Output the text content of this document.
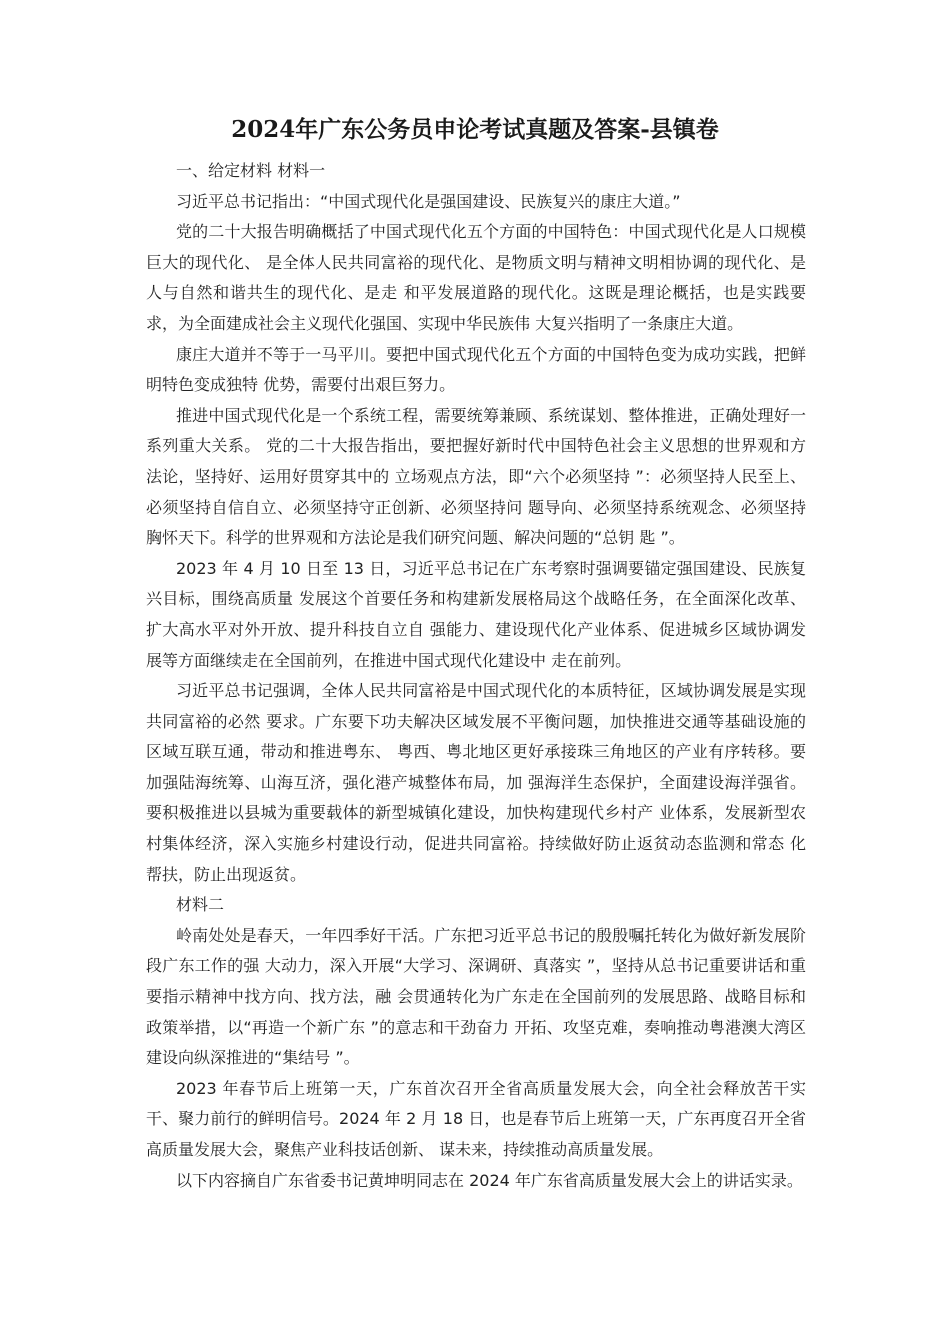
2024年广东公务员申论考试真题及答案-县镇卷

一、给定材料 材料一

习近平总书记指出：“中国式现代化是强国建设、民族复兴的康庄大道。”

党的二十大报告明确概括了中国式现代化五个方面的中国特色：中国式现代化是人口规模巨大的现代化、 是全体人民共同富裕的现代化、是物质文明与精神文明相协调的现代化、是人与自然和谐共生的现代化、是走 和平发展道路的现代化。这既是理论概括，也是实践要求，为全面建成社会主义现代化强国、实现中华民族伟 大复兴指明了一条康庄大道。

康庄大道并不等于一马平川。要把中国式现代化五个方面的中国特色变为成功实践，把鲜明特色变成独特 优势，需要付出艰巨努力。

推进中国式现代化是一个系统工程，需要统筹兼顾、系统谋划、整体推进，正确处理好一系列重大关系。 党的二十大报告指出，要把握好新时代中国特色社会主义思想的世界观和方法论，坚持好、运用好贯穿其中的 立场观点方法，即“六个必须坚持 ”：必须坚持人民至上、必须坚持自信自立、必须坚持守正创新、必须坚持问 题导向、必须坚持系统观念、必须坚持胸怀天下。科学的世界观和方法论是我们研究问题、解决问题的“总钥 匙 ”。

2023 年 4 月 10 日至 13 日，习近平总书记在广东考察时强调要锚定强国建设、民族复兴目标，围绕高质量 发展这个首要任务和构建新发展格局这个战略任务，在全面深化改革、扩大高水平对外开放、提升科技自立自 强能力、建设现代化产业体系、促进城乡区域协调发展等方面继续走在全国前列，在推进中国式现代化建设中 走在前列。

习近平总书记强调，全体人民共同富裕是中国式现代化的本质特征，区域协调发展是实现共同富裕的必然 要求。广东要下功夫解决区域发展不平衡问题，加快推进交通等基础设施的区域互联互通，带动和推进粤东、 粤西、粤北地区更好承接珠三角地区的产业有序转移。要加强陆海统筹、山海互济，强化港产城整体布局，加 强海洋生态保护，全面建设海洋强省。要积极推进以县城为重要载体的新型城镇化建设，加快构建现代乡村产 业体系，发展新型农村集体经济，深入实施乡村建设行动，促进共同富裕。持续做好防止返贫动态监测和常态 化帮扶，防止出现返贫。

材料二

岭南处处是春天，一年四季好干活。广东把习近平总书记的殷殷嘱托转化为做好新发展阶段广东工作的强 大动力，深入开展“大学习、深调研、真落实 ”，坚持从总书记重要讲话和重要指示精神中找方向、找方法，融 会贯通转化为广东走在全国前列的发展思路、战略目标和政策举措，以“再造一个新广东 ”的意志和干劲奋力 开拓、攻坚克难，奏响推动粤港澳大湾区建设向纵深推进的“集结号 ”。

2023 年春节后上班第一天，广东首次召开全省高质量发展大会，向全社会释放苦干实干、聚力前行的鲜明信号。2024 年 2 月 18 日，也是春节后上班第一天，广东再度召开全省高质量发展大会，聚焦产业科技话创新、 谋未来，持续推动高质量发展。

以下内容摘自广东省委书记黄坤明同志在 2024 年广东省高质量发展大会上的讲话实录。
